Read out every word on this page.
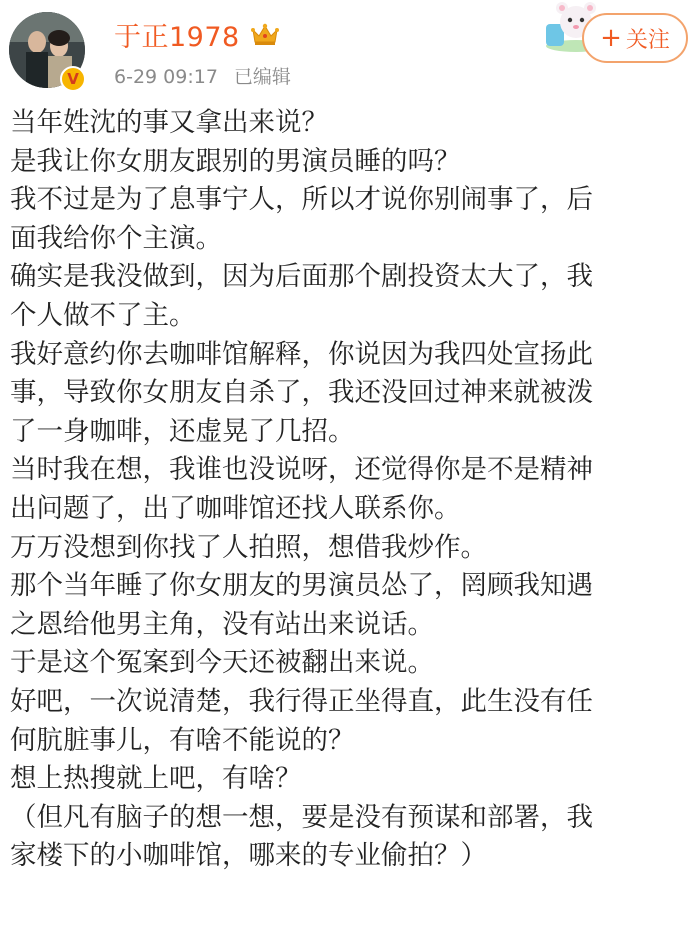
V
于正1978
6-29 09:17 已编辑
+ 关注
当年姓沈的事又拿出来说？
是我让你女朋友跟别的男演员睡的吗？
我不过是为了息事宁人，所以才说你别闹事了，后
面我给你个主演。
确实是我没做到，因为后面那个剧投资太大了，我
个人做不了主。
我好意约你去咖啡馆解释，你说因为我四处宣扬此
事，导致你女朋友自杀了，我还没回过神来就被泼
了一身咖啡，还虚晃了几招。
当时我在想，我谁也没说呀，还觉得你是不是精神
出问题了，出了咖啡馆还找人联系你。
万万没想到你找了人拍照，想借我炒作。
那个当年睡了你女朋友的男演员怂了，罔顾我知遇
之恩给他男主角，没有站出来说话。
于是这个冤案到今天还被翻出来说。
好吧，一次说清楚，我行得正坐得直，此生没有任
何肮脏事儿，有啥不能说的？
想上热搜就上吧，有啥？
（但凡有脑子的想一想，要是没有预谋和部署，我
家楼下的小咖啡馆，哪来的专业偷拍？）
